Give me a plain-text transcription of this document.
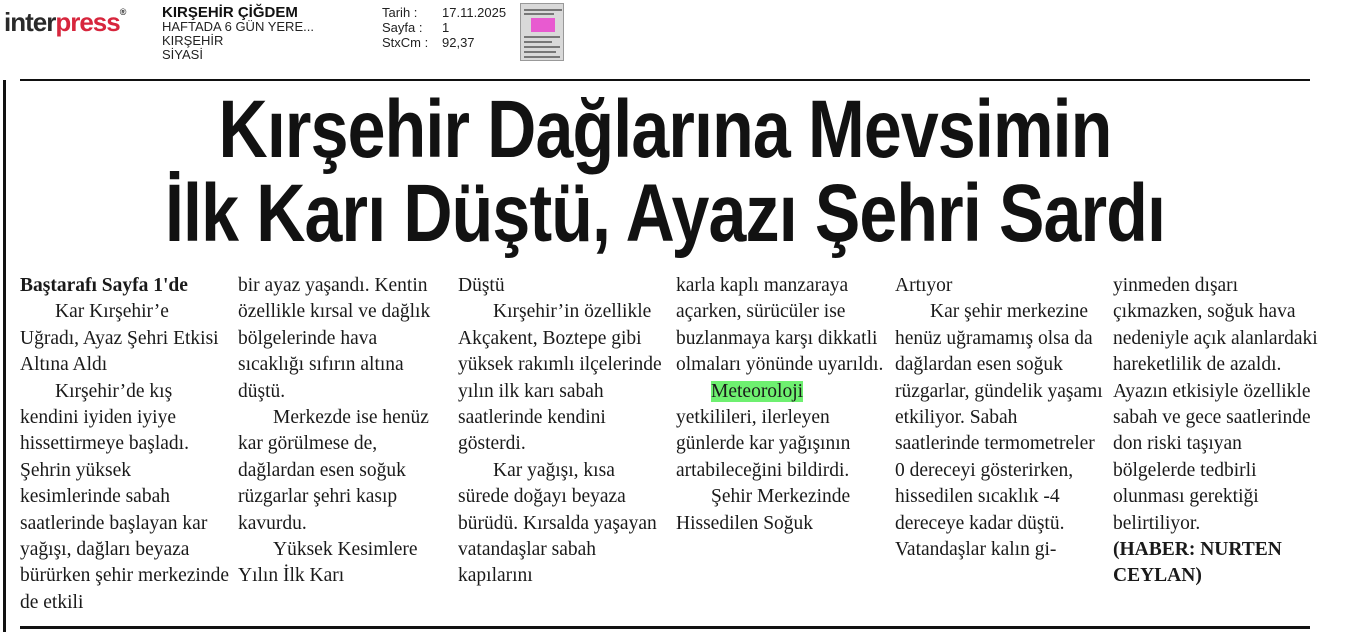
interpress® KIRŞEHİR ÇİĞDEM
HAFTADA 6 GÜN YERE...
KIRŞEHİR
SİYASİ
Tarih :	17.11.2025
Sayfa :	1
StxCm :	92,37
Kırşehir Dağlarına Mevsimin
İlk Karı Düştü, Ayazı Şehri Sardı

Baştarafı Sayfa 1'de

Kar Kırşehir’e Uğradı, Ayaz Şehri Etkisi Altına Aldı

Kırşehir’de kış kendini iyiden iyiye hissettirmeye başladı. Şehrin yüksek kesimlerinde sabah saatlerinde başlayan kar yağışı, dağları beyaza bürürken şehir merkezinde de etkili

bir ayaz yaşandı. Kentin özellikle kırsal ve dağlık bölgelerinde hava sıcaklığı sıfırın altına düştü.

Merkezde ise henüz kar görülmese de, dağlardan esen soğuk rüzgarlar şehri kasıp kavurdu.

Yüksek Kesimlere Yılın İlk Karı

Düştü

Kırşehir’in özellikle Akçakent, Boztepe gibi yüksek rakımlı ilçelerinde yılın ilk karı sabah saatlerinde kendini gösterdi.

Kar yağışı, kısa sürede doğayı beyaza bürüdü. Kırsalda yaşayan vatandaşlar sabah kapılarını

karla kaplı manzaraya açarken, sürücüler ise buzlanmaya karşı dikkatli olmaları yönünde uyarıldı.

Meteoroloji yetkilileri, ilerleyen günlerde kar yağışının artabileceğini bildirdi.

Şehir Merkezinde Hissedilen Soğuk

Artıyor

Kar şehir merkezine henüz uğramamış olsa da dağlardan esen soğuk rüzgarlar, gündelik yaşamı etkiliyor. Sabah saatlerinde termometreler 0 dereceyi gösterirken, hissedilen sıcaklık -4 dereceye kadar düştü. Vatandaşlar kalın gi-

yinmeden dışarı çıkmazken, soğuk hava nedeniyle açık alanlardaki hareketlilik de azaldı. Ayazın etkisiyle özellikle sabah ve gece saatlerinde don riski taşıyan bölgelerde tedbirli olunması gerektiği belirtiliyor.

(HABER: NURTEN CEYLAN)
